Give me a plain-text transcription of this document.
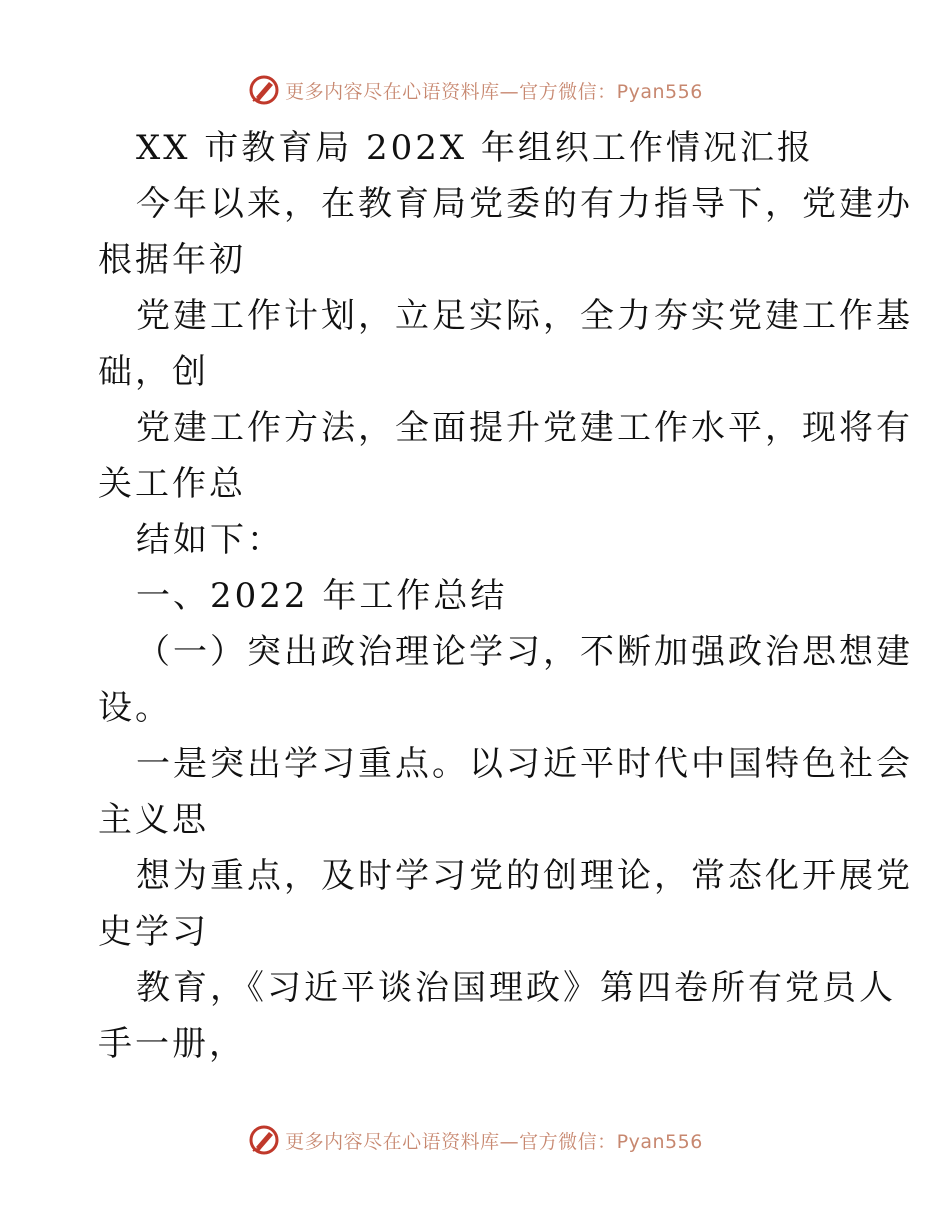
更多内容尽在心语资料库—官方微信：Pyan556
XX 市教育局 202X 年组织工作情况汇报
今年以来，在教育局党委的有力指导下，党建办
根据年初
党建工作计划，立足实际，全力夯实党建工作基
础，创
党建工作方法，全面提升党建工作水平，现将有
关工作总
结如下：
一、2022 年工作总结
（一）突出政治理论学习，不断加强政治思想建
设。
一是突出学习重点。以习近平时代中国特色社会
主义思
想为重点，及时学习党的创理论，常态化开展党
史学习
教育，《习近平谈治国理政》第四卷所有党员人
手一册，
更多内容尽在心语资料库—官方微信：Pyan556
